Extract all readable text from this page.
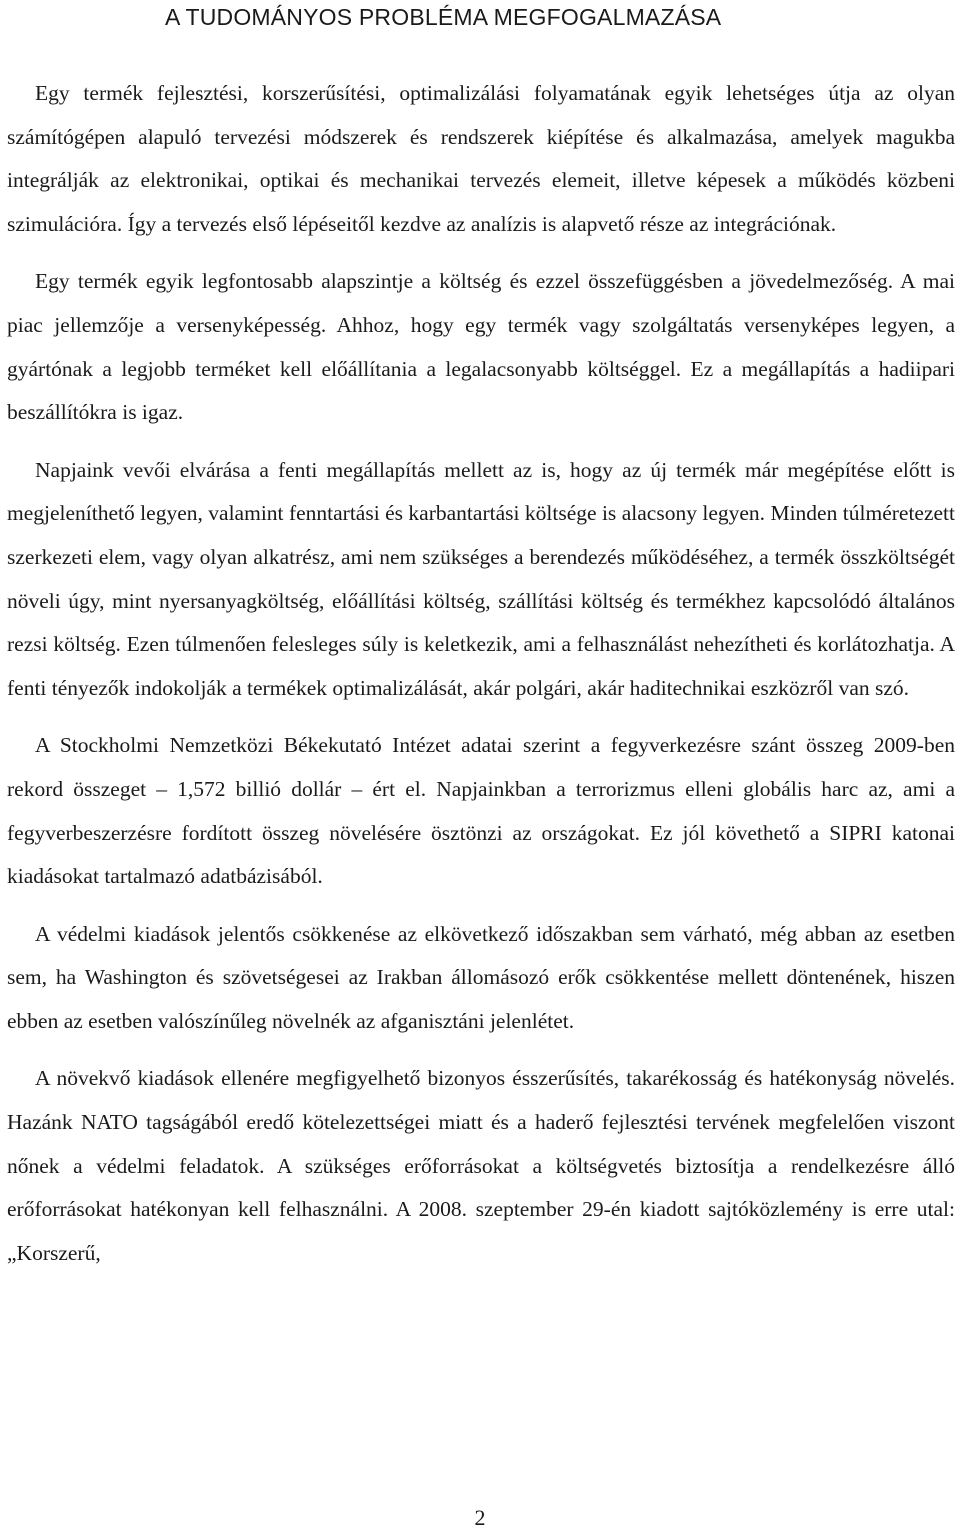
A TUDOMÁNYOS PROBLÉMA MEGFOGALMAZÁSA

Egy termék fejlesztési, korszerűsítési, optimalizálási folyamatának egyik lehetséges útja az olyan számítógépen alapuló tervezési módszerek és rendszerek kiépítése és alkalmazása, amelyek magukba integrálják az elektronikai, optikai és mechanikai tervezés elemeit, illetve képesek a működés közbeni szimulációra. Így a tervezés első lépéseitől kezdve az analízis is alapvető része az integrációnak.

Egy termék egyik legfontosabb alapszintje a költség és ezzel összefüggésben a jövedelmezőség. A mai piac jellemzője a versenyképesség. Ahhoz, hogy egy termék vagy szolgáltatás versenyképes legyen, a gyártónak a legjobb terméket kell előállítania a legalacsonyabb költséggel. Ez a megállapítás a hadiipari beszállítókra is igaz.

Napjaink vevői elvárása a fenti megállapítás mellett az is, hogy az új termék már megépítése előtt is megjeleníthető legyen, valamint fenntartási és karbantartási költsége is alacsony legyen. Minden túlméretezett szerkezeti elem, vagy olyan alkatrész, ami nem szükséges a berendezés működéséhez, a termék összköltségét növeli úgy, mint nyersanyagköltség, előállítási költség, szállítási költség és termékhez kapcsolódó általános rezsi költség. Ezen túlmenően felesleges súly is keletkezik, ami a felhasználást nehezítheti és korlátozhatja. A fenti tényezők indokolják a termékek optimalizálását, akár polgári, akár haditechnikai eszközről van szó.

A Stockholmi Nemzetközi Békekutató Intézet adatai szerint a fegyverkezésre szánt összeg 2009-ben rekord összeget – 1,572 billió dollár – ért el. Napjainkban a terrorizmus elleni globális harc az, ami a fegyverbeszerzésre fordított összeg növelésére ösztönzi az országokat. Ez jól követhető a SIPRI katonai kiadásokat tartalmazó adatbázisából.

A védelmi kiadások jelentős csökkenése az elkövetkező időszakban sem várható, még abban az esetben sem, ha Washington és szövetségesei az Irakban állomásozó erők csökkentése mellett döntenének, hiszen ebben az esetben valószínűleg növelnék az afganisztáni jelenlétet.

A növekvő kiadások ellenére megfigyelhető bizonyos ésszerűsítés, takarékosság és hatékonyság növelés. Hazánk NATO tagságából eredő kötelezettségei miatt és a haderő fejlesztési tervének megfelelően viszont nőnek a védelmi feladatok. A szükséges erőforrásokat a költségvetés biztosítja a rendelkezésre álló erőforrásokat hatékonyan kell felhasználni. A 2008. szeptember 29-én kiadott sajtóközlemény is erre utal: „Korszerű,

2
